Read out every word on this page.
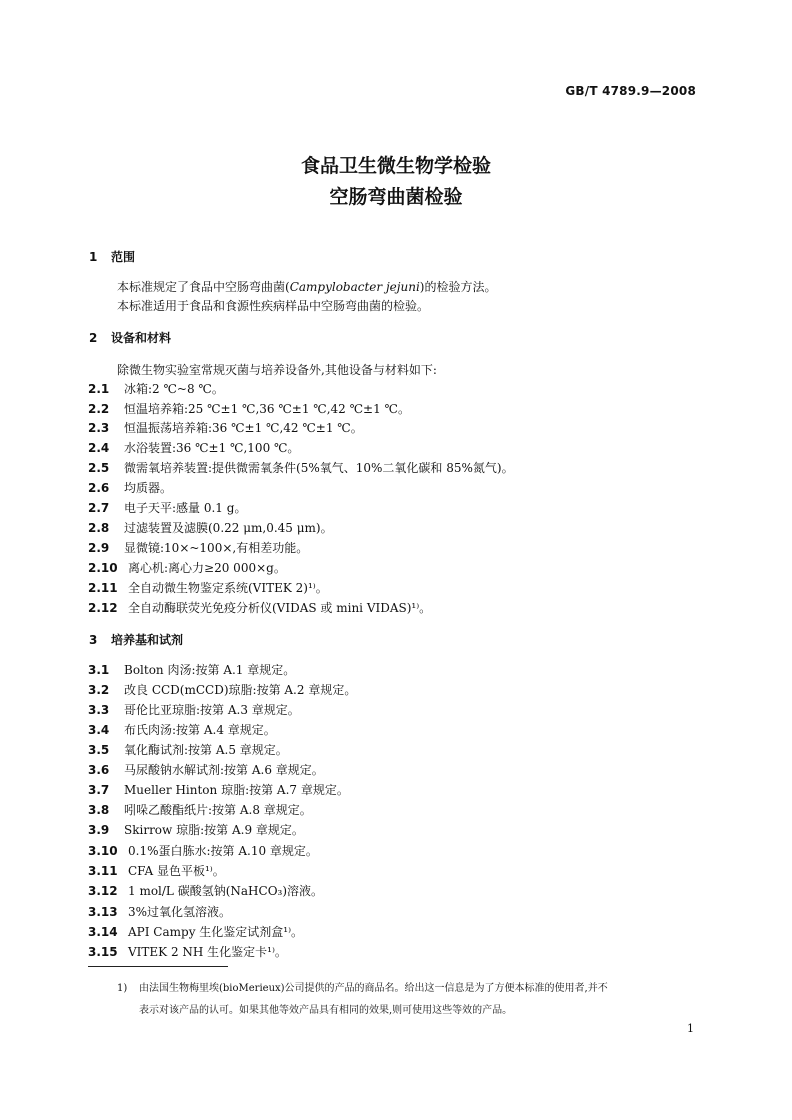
GB/T 4789.9—2008
食品卫生微生物学检验
空肠弯曲菌检验
1 范围
本标准规定了食品中空肠弯曲菌(Campylobacter jejuni)的检验方法。
本标准适用于食品和食源性疾病样品中空肠弯曲菌的检验。
2 设备和材料
除微生物实验室常规灭菌与培养设备外,其他设备与材料如下:
2.1 冰箱:2 ℃~8 ℃。
2.2 恒温培养箱:25 ℃±1 ℃,36 ℃±1 ℃,42 ℃±1 ℃。
2.3 恒温振荡培养箱:36 ℃±1 ℃,42 ℃±1 ℃。
2.4 水浴装置:36 ℃±1 ℃,100 ℃。
2.5 微需氧培养装置:提供微需氧条件(5%氧气、10%二氧化碳和 85%氮气)。
2.6 均质器。
2.7 电子天平:感量 0.1 g。
2.8 过滤装置及滤膜(0.22 μm,0.45 μm)。
2.9 显微镜:10×~100×,有相差功能。
2.10 离心机:离心力≥20 000×g。
2.11 全自动微生物鉴定系统(VITEK 2)¹⁾。
2.12 全自动酶联荧光免疫分析仪(VIDAS 或 mini VIDAS)¹⁾。
3 培养基和试剂
3.1 Bolton 肉汤:按第 A.1 章规定。
3.2 改良 CCD(mCCD)琼脂:按第 A.2 章规定。
3.3 哥伦比亚琼脂:按第 A.3 章规定。
3.4 布氏肉汤:按第 A.4 章规定。
3.5 氧化酶试剂:按第 A.5 章规定。
3.6 马尿酸钠水解试剂:按第 A.6 章规定。
3.7 Mueller Hinton 琼脂:按第 A.7 章规定。
3.8 吲哚乙酸酯纸片:按第 A.8 章规定。
3.9 Skirrow 琼脂:按第 A.9 章规定。
3.10 0.1%蛋白胨水:按第 A.10 章规定。
3.11 CFA 显色平板¹⁾。
3.12 1 mol/L 碳酸氢钠(NaHCO₃)溶液。
3.13 3%过氧化氢溶液。
3.14 API Campy 生化鉴定试剂盒¹⁾。
3.15 VITEK 2 NH 生化鉴定卡¹⁾。
1) 由法国生物梅里埃(bioMerieux)公司提供的产品的商品名。给出这一信息是为了方便本标准的使用者,并不
表示对该产品的认可。如果其他等效产品具有相同的效果,则可使用这些等效的产品。
1
